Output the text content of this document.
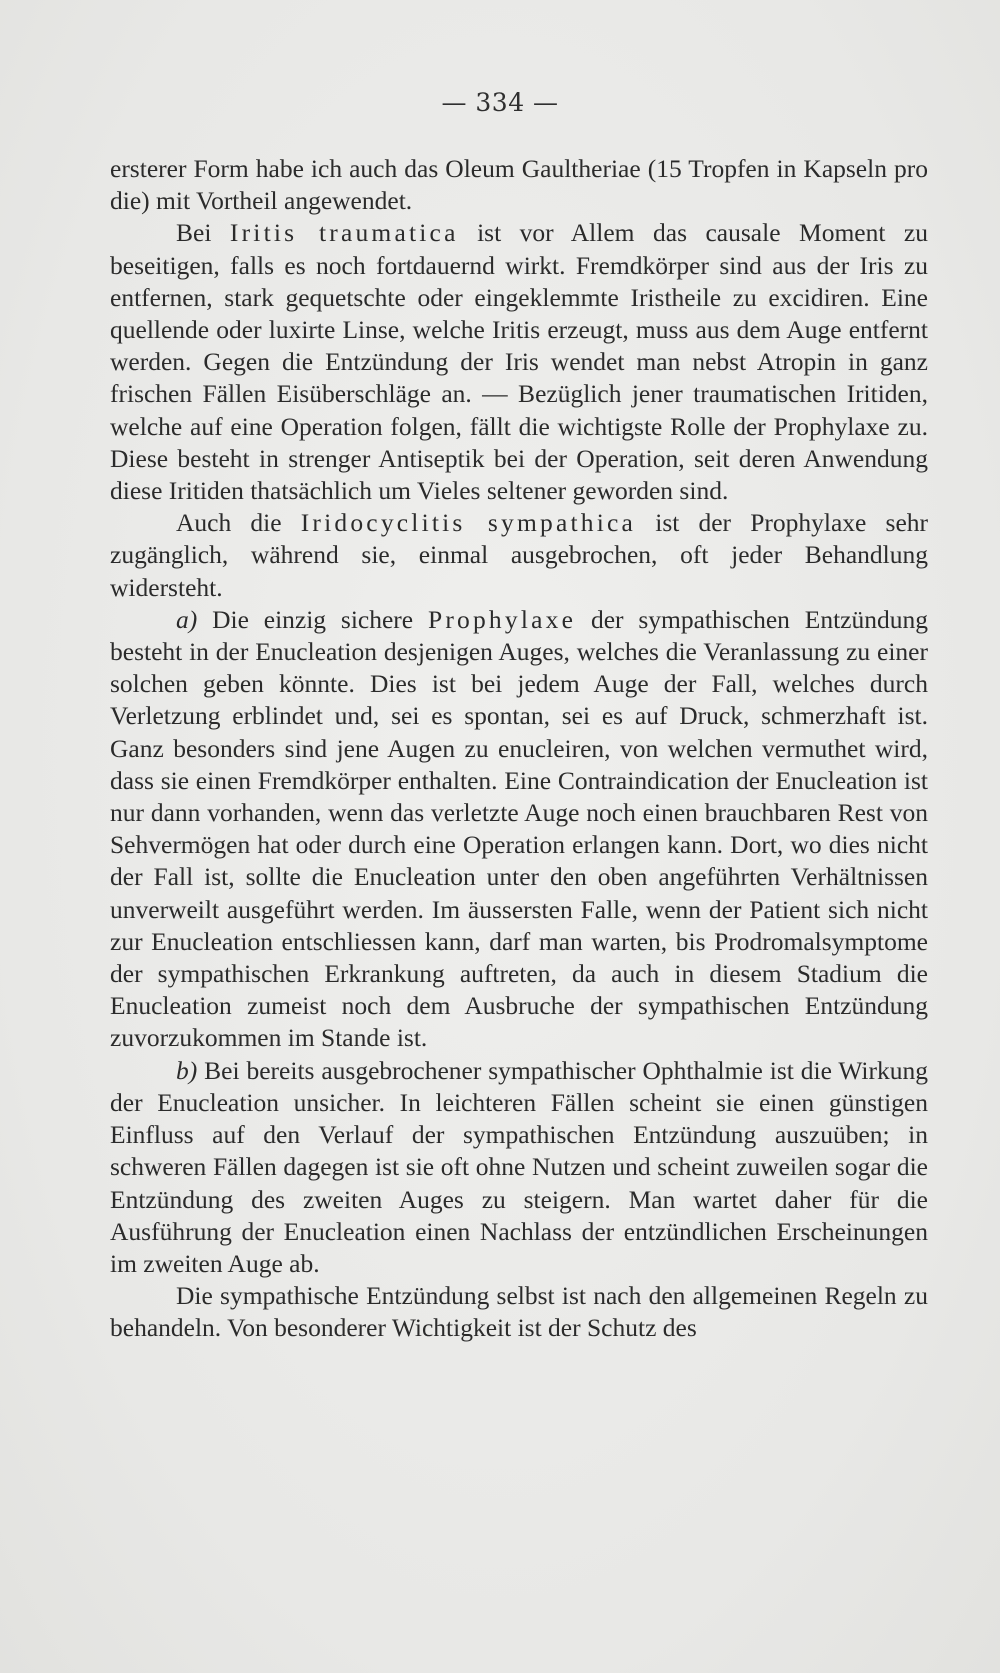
— 334 —

ersterer Form habe ich auch das Oleum Gaultheriae (15 Tropfen in Kapseln pro die) mit Vortheil angewendet.

Bei Iritis traumatica ist vor Allem das causale Moment zu beseitigen, falls es noch fortdauernd wirkt. Fremdkörper sind aus der Iris zu entfernen, stark gequetschte oder eingeklemmte Iristheile zu excidiren. Eine quellende oder luxirte Linse, welche Iritis erzeugt, muss aus dem Auge entfernt werden. Gegen die Entzündung der Iris wendet man nebst Atropin in ganz frischen Fällen Eisüberschläge an. — Bezüglich jener traumatischen Iritiden, welche auf eine Operation folgen, fällt die wichtigste Rolle der Prophylaxe zu. Diese besteht in strenger Antiseptik bei der Operation, seit deren Anwendung diese Iritiden thatsächlich um Vieles seltener geworden sind.

Auch die Iridocyclitis sympathica ist der Prophylaxe sehr zugänglich, während sie, einmal ausgebrochen, oft jeder Behandlung widersteht.

a) Die einzig sichere Prophylaxe der sympathischen Entzündung besteht in der Enucleation desjenigen Auges, welches die Veranlassung zu einer solchen geben könnte. Dies ist bei jedem Auge der Fall, welches durch Verletzung erblindet und, sei es spontan, sei es auf Druck, schmerzhaft ist. Ganz besonders sind jene Augen zu enucleiren, von welchen vermuthet wird, dass sie einen Fremdkörper enthalten. Eine Contraindication der Enucleation ist nur dann vorhanden, wenn das verletzte Auge noch einen brauchbaren Rest von Sehvermögen hat oder durch eine Operation erlangen kann. Dort, wo dies nicht der Fall ist, sollte die Enucleation unter den oben angeführten Verhältnissen unverweilt ausgeführt werden. Im äussersten Falle, wenn der Patient sich nicht zur Enucleation entschliessen kann, darf man warten, bis Prodromalsymptome der sympathischen Erkrankung auftreten, da auch in diesem Stadium die Enucleation zumeist noch dem Ausbruche der sympathischen Entzündung zuvorzukommen im Stande ist.

b) Bei bereits ausgebrochener sympathischer Ophthalmie ist die Wirkung der Enucleation unsicher. In leichteren Fällen scheint sie einen günstigen Einfluss auf den Verlauf der sympathischen Entzündung auszuüben; in schweren Fällen dagegen ist sie oft ohne Nutzen und scheint zuweilen sogar die Entzündung des zweiten Auges zu steigern. Man wartet daher für die Ausführung der Enucleation einen Nachlass der entzündlichen Erscheinungen im zweiten Auge ab.

Die sympathische Entzündung selbst ist nach den allgemeinen Regeln zu behandeln. Von besonderer Wichtigkeit ist der Schutz des
